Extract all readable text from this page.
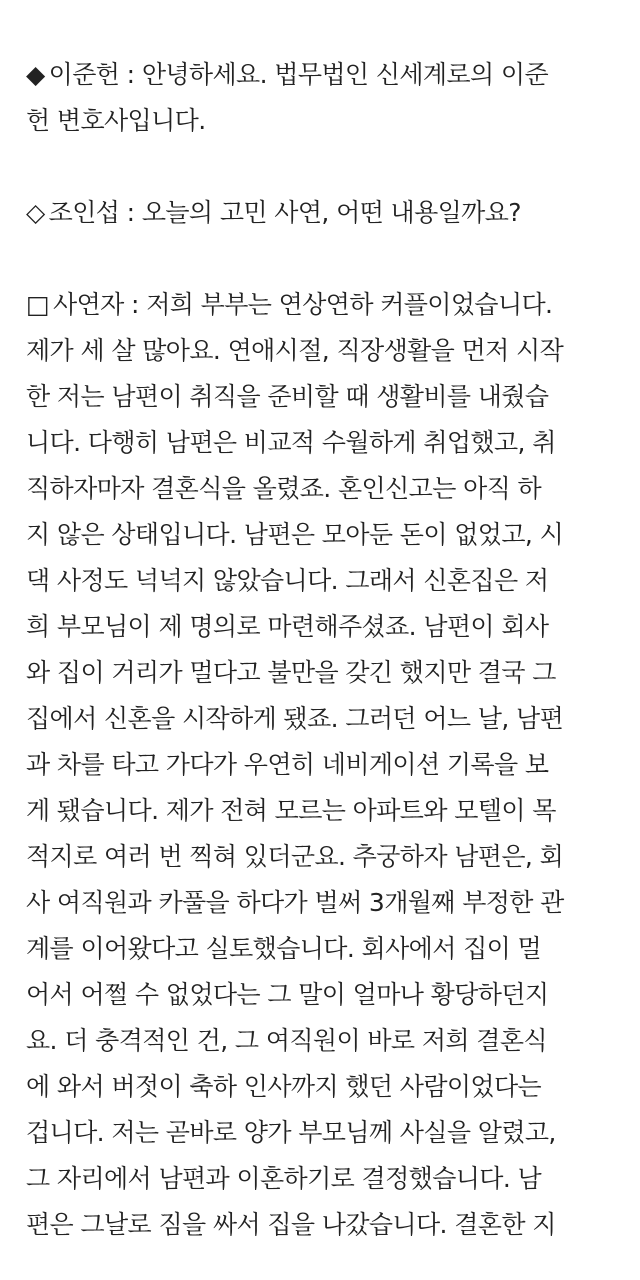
◆ 이준헌 : 안녕하세요. 법무법인 신세계로의 이준
헌 변호사입니다.

◇ 조인섭 : 오늘의 고민 사연, 어떤 내용일까요?

□ 사연자 : 저희 부부는 연상연하 커플이었습니다.
제가 세 살 많아요. 연애시절, 직장생활을 먼저 시작
한 저는 남편이 취직을 준비할 때 생활비를 내줬습
니다. 다행히 남편은 비교적 수월하게 취업했고, 취
직하자마자 결혼식을 올렸죠. 혼인신고는 아직 하
지 않은 상태입니다. 남편은 모아둔 돈이 없었고, 시
댁 사정도 넉넉지 않았습니다. 그래서 신혼집은 저
희 부모님이 제 명의로 마련해주셨죠. 남편이 회사
와 집이 거리가 멀다고 불만을 갖긴 했지만 결국 그
집에서 신혼을 시작하게 됐죠. 그러던 어느 날, 남편
과 차를 타고 가다가 우연히 네비게이션 기록을 보
게 됐습니다. 제가 전혀 모르는 아파트와 모텔이 목
적지로 여러 번 찍혀 있더군요. 추궁하자 남편은, 회
사 여직원과 카풀을 하다가 벌써 3개월째 부정한 관
계를 이어왔다고 실토했습니다. 회사에서 집이 멀
어서 어쩔 수 없었다는 그 말이 얼마나 황당하던지
요. 더 충격적인 건, 그 여직원이 바로 저희 결혼식
에 와서 버젓이 축하 인사까지 했던 사람이었다는
겁니다. 저는 곧바로 양가 부모님께 사실을 알렸고,
그 자리에서 남편과 이혼하기로 결정했습니다. 남
편은 그날로 짐을 싸서 집을 나갔습니다. 결혼한 지
